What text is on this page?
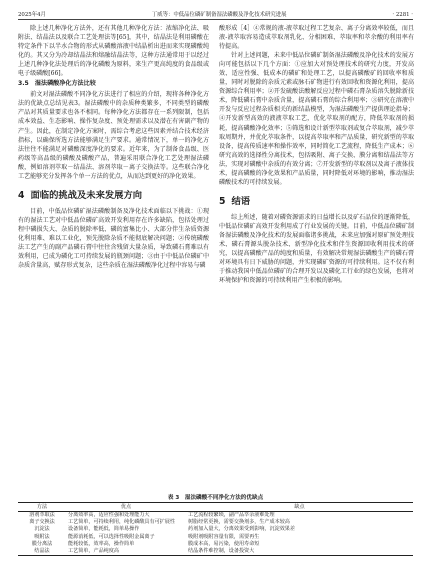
2025年4月	丁威等：中低品位磷矿制备湿法磷酸及净化技术研究进展	· 2281 ·

除上述几种净化方法外，还有其他几种净化方法：浓缩净化法、吸附法、结晶法以及联合工艺处理法等[65]，其中，结晶法是利用磷酸在特定条件下以半水合物的形式从磷酸溶液中结晶析出进而来实现磷酸纯化的。其又分为冷却结晶法和熔融结晶法等，这种方法通常用于以经过上述几种净化法处理后的净化磷酸为原料，来生产更高纯度的食品级或电子级磷酸[66]。

3.5　湿法磷酸净化方法比较

前文对湿法磷酸不同净化方法进行了相应的介绍，现将各种净化方法的优缺点总结见表3。湿法磷酸中的杂质种类繁多，不同类型的磷酸产品对其质量要求也各不相同。每种净化方法都存在一系列限制，包括成本效益、生态影响、操作复杂度、预处理需求以及潜在有害副产物的产生。因此，在制定净化方案时，需综合考虑这些因素并结合技术经济指标，以确保所选方法能够满足生产要求。通常情况下，单一的净化方法往往不能满足对磷酸深度净化的要求。近年来，为了制备食品级、医药级等高品级的磷酸及磷酸产品，普遍采用联合净化工艺处理湿法磷酸，例如溶剂萃取－结晶法、溶剂萃取－离子交换法等。这些联合净化工艺能够充分发挥各个单一方法的优点，从而达到更好的净化效果。

4 面临的挑战及未来发展方向

目前，中低品位磷矿湿法磷酸制备及净化技术面临以下挑战：①现有的湿法工艺对中低品位磷矿高效开发利用存在许多缺陷，包括处理过程中磷损失大、杂质的脱除率低、磷的富集比小、大部分伴生杂质资源化利用难、难以工业化，预先脱除杂质不能彻底解决问题；②传统磷酸法工艺产生的副产品磷石膏中往往含残留大量杂质，导致磷石膏难以有效利用，已成为磷化工可持续发展的瓶颈问题；③由于中低品位磷矿中杂质含量高，赋存形式复杂，这些杂质在湿法磷酸净化过程中容易与磷

酸形成［4］④常规的液-液萃取过程工艺复杂、离子分离效率较低，而且液-液萃取容易造成萃取剂乳化、分相困难、萃取率和萃余酸的利用率有待提高。

针对上述问题，未来中低品位磷矿制备湿法磷酸及净化技术的发展方向可能包括以下几个方面：①应加大对预处理技术的研究力度，开发高效、适应性强、低成本的磷矿和处理工艺，以提高磷酸矿的回收率和质量，同时对脱除的杂质元素或脉石矿物进行有效回收和资源化利用，提高资源综合利用率；②开发硫酸法酸解反应过程中磷石膏杂质溶失脱除新技术，降低磷石膏中杂质含量，提高磷石膏的综合利用率；③研究在溶液中开发与反应过程杂质相关的新结晶模型，为湿法磷酸生产提供理论指导；④开发新型高效的液液萃取工艺，优化萃取剂的配方，降低萃取剂的损耗，提高磷酸净化效率；⑤筛选和设计新型萃取剂或复合萃取剂，减少萃取周期并，并优化萃取条件，以提高萃取率和产品质量，研究新型的萃取设备，提高传质速率和操作效率，同时简化工艺流程，降低生产成本；⑥研究高效的选择性分离技术，包括吸附、离子交换、膜分离和结晶法等方法，实现对磷酸中杂质的有效分离；⑦开发新型的萃取剂以及离子液体技术，提高磷酸的净化效果和产品质量，同时降低对环境的影响，推动湿法磷酸技术的可持续发展。

5 结语

综上所述，随着对磷资源需求的日益增长以及矿石品位的逐渐降低，中低品位磷矿高效开发利用成了行业发展的关键。目前，中低品位磷矿制备湿法磷酸及净化技术的发展面临诸多挑战，未来应加强对原矿预处理技术、磷石膏源头脱杂技术、新型净化技术和伴生资源回收利用技术的研究，以提高磷酸产品的纯度和质量，有效解决常规湿法磷酸生产的磷石膏对环境具有日下威胁的问题，并实现磷矿资源的可持续利用。这不仅有利于推动我国中低品位磷矿的合理开发以及磷化工行业的绿色发展，也将对环境保护和资源的可持续利用产生积极的影响。

表 3　湿法磷酸不同净化方法的优缺点
方法	优点	缺点
溶剂萃取法	分离效率高，适应性强和处理能力大	工艺流程较繁琐，副产品萃余液难处理
离子交换法	工艺简单，可持续利用，纯化磷酸具有可扩展性	树脂经常更换，需要交换剂多，生产成本较高
沉淀法	设备简单，能耗低，简单易操作	药剂加入量大，分离效果受到影响，沉淀效果差
吸附法	能源消耗低，可以选择性吸附金属离子	吸附剂吸附容量有限，需要再生
膜分离法	能耗较低，效率高，操作简单	膜成本高，易污染，使用寿命短
结晶法	工艺简单，产品纯度高	结晶条件难控制，设备投资大
